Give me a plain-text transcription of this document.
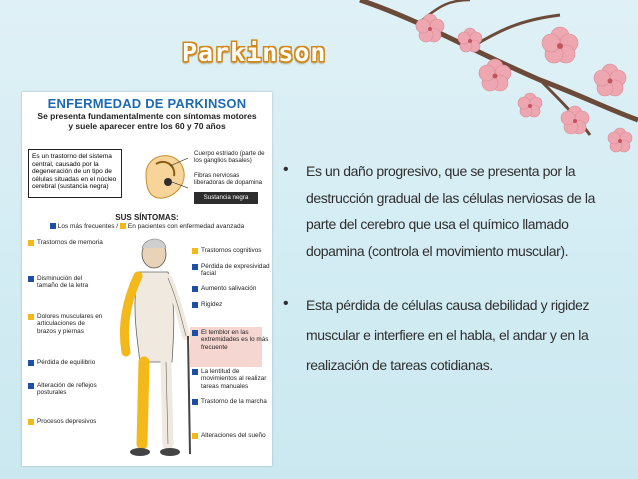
Parkinson
ENFERMEDAD DE PARKINSON
Se presenta fundamentalmente con síntomas motores
y suele aparecer entre los 60 y 70 años
Es un trastorno del sistema central, causado por la degeneración de un tipo de células situadas en el núcleo cerebral (sustancia negra)
Cuerpo estriado (parte de los ganglios basales)
Fibras nerviosas liberadoras de dopamina
Sustancia negra
SUS SÍNTOMAS:
Los más frecuentes / En pacientes con enfermedad avanzada
Trastornos de memoria
Disminución del tamaño de la letra
Dolores musculares en articulaciones de brazos y piernas
Pérdida de equilibrio
Alteración de reflejos posturales
Procesos depresivos
Trastornos cognitivos
Pérdida de expresividad facial
Aumento salivación
Rigidez
El temblor en las extremidades es lo más frecuente
La lentitud de movimientos al realizar tareas manuales
Trastorno de la marcha
Alteraciones del sueño
• Es un daño progresivo, que se presenta por la destrucción gradual de las células nerviosas de la parte del cerebro que usa el químico llamado dopamina (controla el movimiento muscular).
• Esta pérdida de células causa debilidad y rigidez muscular e interfiere en el habla, el andar y en la realización de tareas cotidianas.
